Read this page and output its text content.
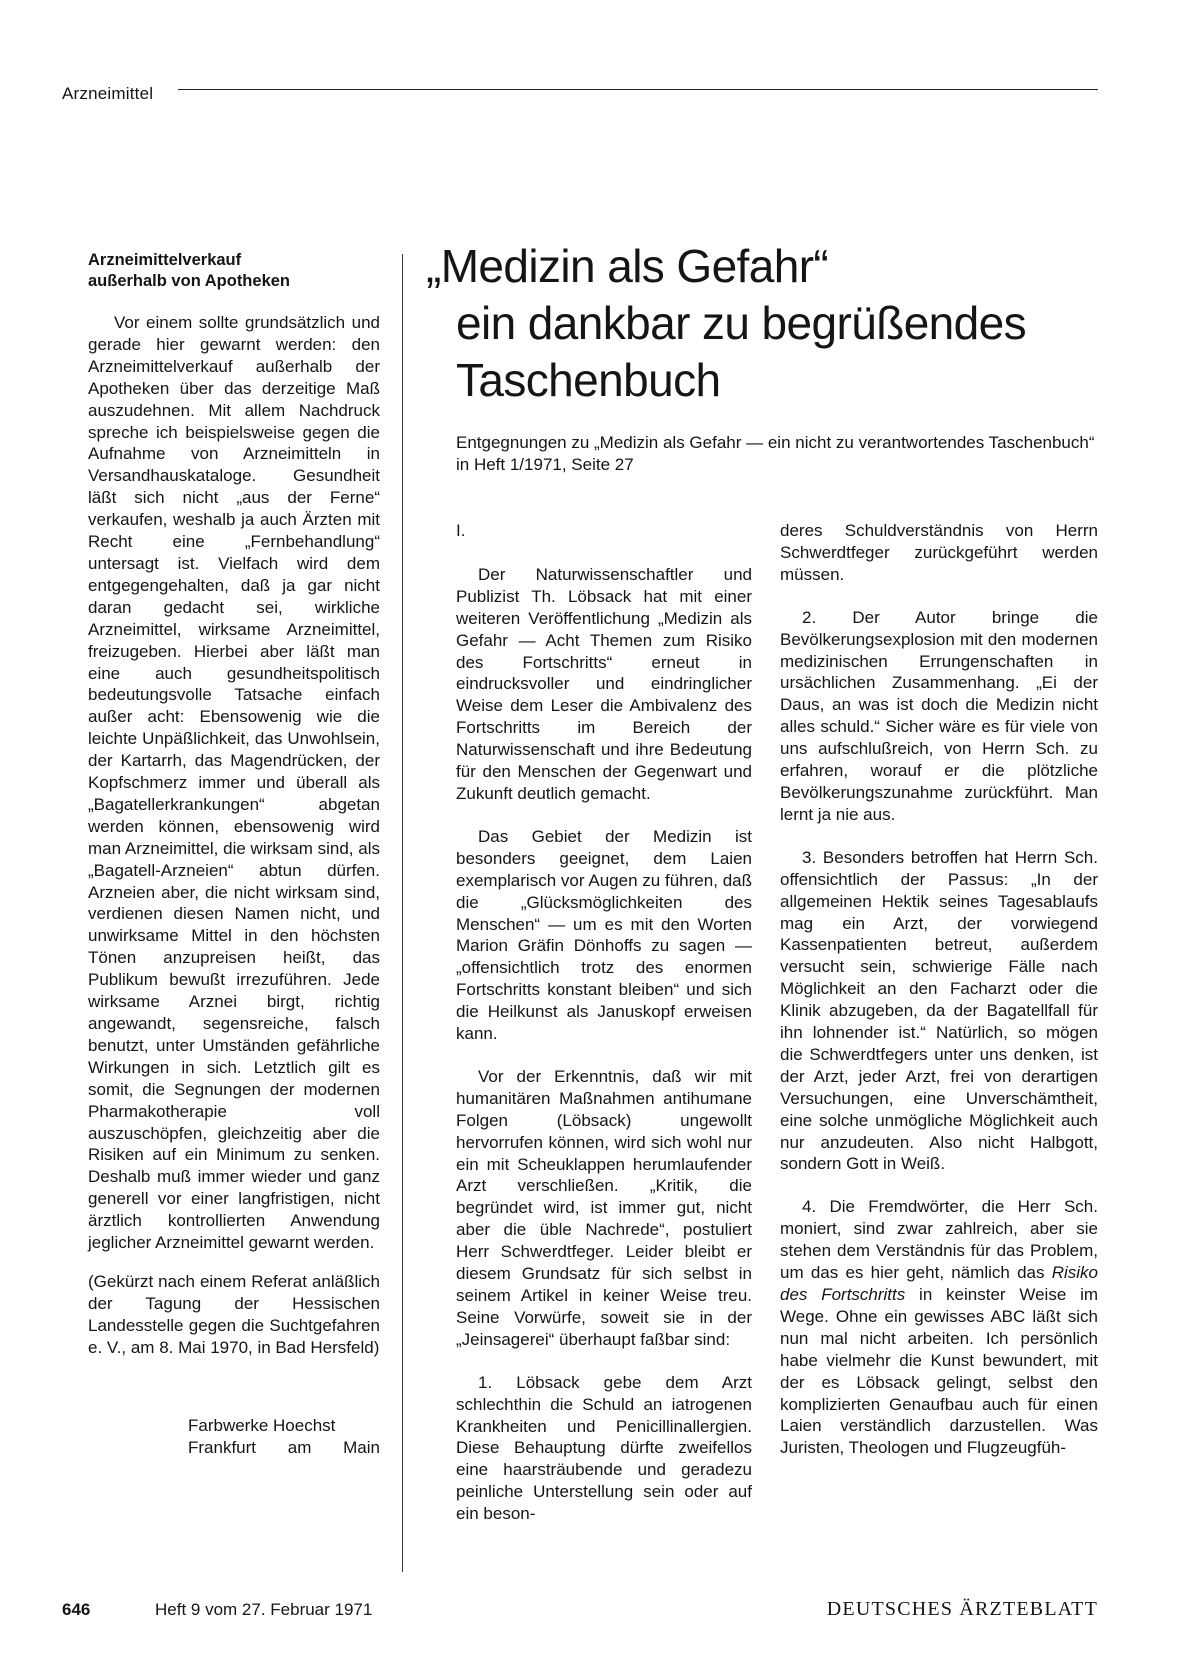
Arzneimittel
Arzneimittelverkauf
außerhalb von Apotheken

Vor einem sollte grundsätzlich und gerade hier gewarnt werden: den Arzneimittelverkauf außerhalb der Apotheken über das derzeitige Maß auszudehnen. Mit allem Nachdruck spreche ich beispielsweise gegen die Aufnahme von Arzneimitteln in Versandhauskataloge. Gesundheit läßt sich nicht „aus der Ferne“ verkaufen, weshalb ja auch Ärzten mit Recht eine „Fernbehandlung“ untersagt ist. Vielfach wird dem entgegengehalten, daß ja gar nicht daran gedacht sei, wirkliche Arzneimittel, wirksame Arzneimittel, freizugeben. Hierbei aber läßt man eine auch gesundheitspolitisch bedeutungsvolle Tatsache einfach außer acht: Ebensowenig wie die leichte Unpäßlichkeit, das Unwohlsein, der Kartarrh, das Magendrücken, der Kopfschmerz immer und überall als „Bagatellerkrankungen“ abgetan werden können, ebensowenig wird man Arzneimittel, die wirksam sind, als „Bagatell-Arzneien“ abtun dürfen. Arzneien aber, die nicht wirksam sind, verdienen diesen Namen nicht, und unwirksame Mittel in den höchsten Tönen anzupreisen heißt, das Publikum bewußt irrezuführen. Jede wirksame Arznei birgt, richtig angewandt, segensreiche, falsch benutzt, unter Umständen gefährliche Wirkungen in sich. Letztlich gilt es somit, die Segnungen der modernen Pharmakotherapie voll auszuschöpfen, gleichzeitig aber die Risiken auf ein Minimum zu senken. Deshalb muß immer wieder und ganz generell vor einer langfristigen, nicht ärztlich kontrollierten Anwendung jeglicher Arzneimittel gewarnt werden.

(Gekürzt nach einem Referat anläßlich der Tagung der Hessischen Landesstelle gegen die Suchtgefahren e. V., am 8. Mai 1970, in Bad Hersfeld)

Farbwerke Hoechst
Frankfurt am Main
„Medizin als Gefahr“
ein dankbar zu begrüßendes
Taschenbuch

Entgegnungen zu „Medizin als Gefahr — ein nicht zu verantwortendes Taschenbuch“ in Heft 1/1971, Seite 27

I.

Der Naturwissenschaftler und Publizist Th. Löbsack hat mit einer weiteren Veröffentlichung „Medizin als Gefahr — Acht Themen zum Risiko des Fortschritts“ erneut in eindrucksvoller und eindringlicher Weise dem Leser die Ambivalenz des Fortschritts im Bereich der Naturwissenschaft und ihre Bedeutung für den Menschen der Gegenwart und Zukunft deutlich gemacht.

Das Gebiet der Medizin ist besonders geeignet, dem Laien exemplarisch vor Augen zu führen, daß die „Glücksmöglichkeiten des Menschen“ — um es mit den Worten Marion Gräfin Dönhoffs zu sagen — „offensichtlich trotz des enormen Fortschritts konstant bleiben“ und sich die Heilkunst als Januskopf erweisen kann.

Vor der Erkenntnis, daß wir mit humanitären Maßnahmen antihumane Folgen (Löbsack) ungewollt hervorrufen können, wird sich wohl nur ein mit Scheuklappen herumlaufender Arzt verschließen. „Kritik, die begründet wird, ist immer gut, nicht aber die üble Nachrede“, postuliert Herr Schwerdtfeger. Leider bleibt er diesem Grundsatz für sich selbst in seinem Artikel in keiner Weise treu. Seine Vorwürfe, soweit sie in der „Jeinsagerei“ überhaupt faßbar sind:

1. Löbsack gebe dem Arzt schlechthin die Schuld an iatrogenen Krankheiten und Penicillinallergien. Diese Behauptung dürfte zweifellos eine haarsträubende und geradezu peinliche Unterstellung sein oder auf ein beson-

deres Schuldverständnis von Herrn Schwerdtfeger zurückgeführt werden müssen.

2. Der Autor bringe die Bevölkerungsexplosion mit den modernen medizinischen Errungenschaften in ursächlichen Zusammenhang. „Ei der Daus, an was ist doch die Medizin nicht alles schuld.“ Sicher wäre es für viele von uns aufschlußreich, von Herrn Sch. zu erfahren, worauf er die plötzliche Bevölkerungszunahme zurückführt. Man lernt ja nie aus.

3. Besonders betroffen hat Herrn Sch. offensichtlich der Passus: „In der allgemeinen Hektik seines Tagesablaufs mag ein Arzt, der vorwiegend Kassenpatienten betreut, außerdem versucht sein, schwierige Fälle nach Möglichkeit an den Facharzt oder die Klinik abzugeben, da der Bagatellfall für ihn lohnender ist.“ Natürlich, so mögen die Schwerdtfegers unter uns denken, ist der Arzt, jeder Arzt, frei von derartigen Versuchungen, eine Unverschämtheit, eine solche unmögliche Möglichkeit auch nur anzudeuten. Also nicht Halbgott, sondern Gott in Weiß.

4. Die Fremdwörter, die Herr Sch. moniert, sind zwar zahlreich, aber sie stehen dem Verständnis für das Problem, um das es hier geht, nämlich das Risiko des Fortschritts in keinster Weise im Wege. Ohne ein gewisses ABC läßt sich nun mal nicht arbeiten. Ich persönlich habe vielmehr die Kunst bewundert, mit der es Löbsack gelingt, selbst den komplizierten Genaufbau auch für einen Laien verständlich darzustellen. Was Juristen, Theologen und Flugzeugfüh-

646	Heft 9 vom 27. Februar 1971	DEUTSCHES ÄRZTEBLATT
